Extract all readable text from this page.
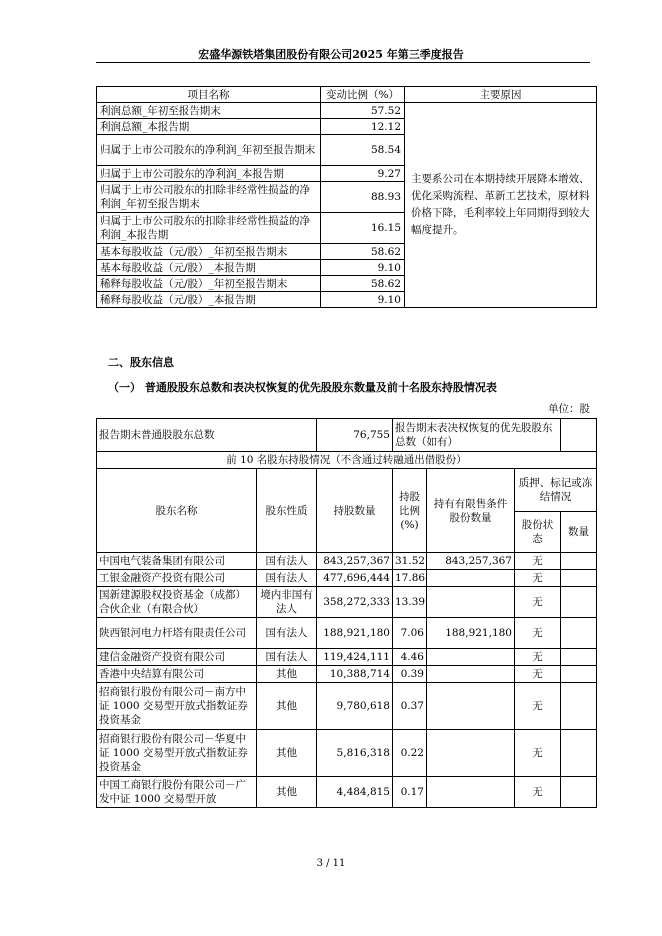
宏盛华源铁塔集团股份有限公司2025 年第三季度报告
项目名称	变动比例（%）	主要原因
利润总额_年初至报告期末	57.52	主要系公司在本期持续开展降本增效、优化采购流程、革新工艺技术，原材料价格下降，毛利率较上年同期得到较大幅度提升。
利润总额_本报告期	12.12	
归属于上市公司股东的净利润_年初至报告期末	58.54	
归属于上市公司股东的净利润_本报告期	9.27	
归属于上市公司股东的扣除非经常性损益的净利润_年初至报告期末	88.93	
归属于上市公司股东的扣除非经常性损益的净利润_本报告期	16.15	
基本每股收益（元/股）_年初至报告期末	58.62	
基本每股收益（元/股）_本报告期	9.10	
稀释每股收益（元/股）_年初至报告期末	58.62	
稀释每股收益（元/股）_本报告期	9.10	
二、股东信息
（一） 普通股股东总数和表决权恢复的优先股股东数量及前十名股东持股情况表
单位：股
报告期末普通股股东总数		76,755	报告期末表决权恢复的优先股股东总数（如有）			
前 10 名股东持股情况（不含通过转融通出借股份）						
股东名称	股东性质	持股数量	持股比例(%)	持有有限售条件股份数量	质押、标记或冻结情况	
					股份状态	数量
中国电气装备集团有限公司	国有法人	843,257,367	31.52	843,257,367	无	
工银金融资产投资有限公司	国有法人	477,696,444	17.86		无	
国新建源股权投资基金（成都）合伙企业（有限合伙）	境内非国有法人	358,272,333	13.39		无	
陕西银河电力杆塔有限责任公司	国有法人	188,921,180	7.06	188,921,180	无	
建信金融资产投资有限公司	国有法人	119,424,111	4.46		无	
香港中央结算有限公司	其他	10,388,714	0.39		无	
招商银行股份有限公司－南方中证 1000 交易型开放式指数证券投资基金	其他	9,780,618	0.37		无	
招商银行股份有限公司－华夏中证 1000 交易型开放式指数证券投资基金	其他	5,816,318	0.22		无	
中国工商银行股份有限公司－广发中证 1000 交易型开放	其他	4,484,815	0.17		无	
3 / 11
